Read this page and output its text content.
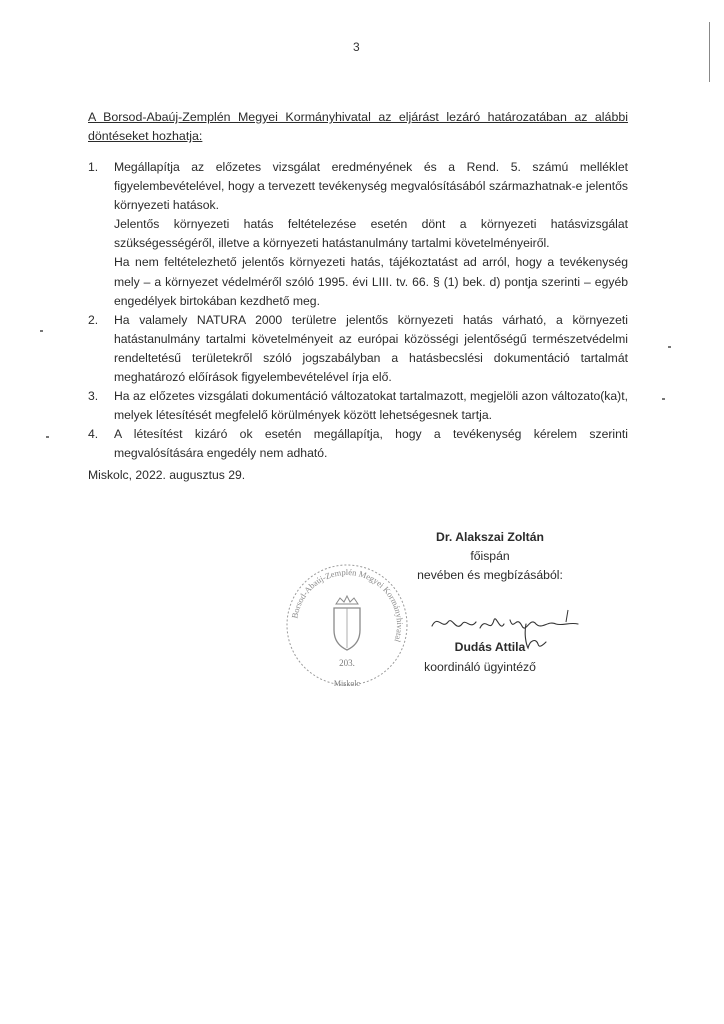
3
A Borsod-Abaúj-Zemplén Megyei Kormányhivatal az eljárást lezáró határozatában az alábbi döntéseket hozhatja:
1. Megállapítja az előzetes vizsgálat eredményének és a Rend. 5. számú melléklet figyelembevételével, hogy a tervezett tevékenység megvalósításából származhatnak-e jelentős környezeti hatások.

Jelentős környezeti hatás feltételezése esetén dönt a környezeti hatásvizsgálat szükségességéről, illetve a környezeti hatástanulmány tartalmi követelményeiről.

Ha nem feltételezhető jelentős környezeti hatás, tájékoztatást ad arról, hogy a tevékenység mely – a környezet védelméről szóló 1995. évi LIII. tv. 66. § (1) bek. d) pontja szerinti – egyéb engedélyek birtokában kezdhető meg.

2. Ha valamely NATURA 2000 területre jelentős környezeti hatás várható, a környezeti hatástanulmány tartalmi követelményeit az európai közösségi jelentőségű természetvédelmi rendeltetésű területekről szóló jogszabályban a hatásbecslési dokumentáció tartalmát meghatározó előírások figyelembevételével írja elő.

3. Ha az előzetes vizsgálati dokumentáció változatokat tartalmazott, megjelöli azon változato(ka)t, melyek létesítését megfelelő körülmények között lehetségesnek tartja.

4. A létesítést kizáró ok esetén megállapítja, hogy a tevékenység kérelem szerinti megvalósítására engedély nem adható.

Miskolc, 2022. augusztus 29.
Dr. Alakszai Zoltán
főispán
nevében és megbízásából:
Borsod-Abaúj-Zemplén Megyei Kormányhivatal
203.
Miskolc
Dudás Attila
koordináló ügyintéző
